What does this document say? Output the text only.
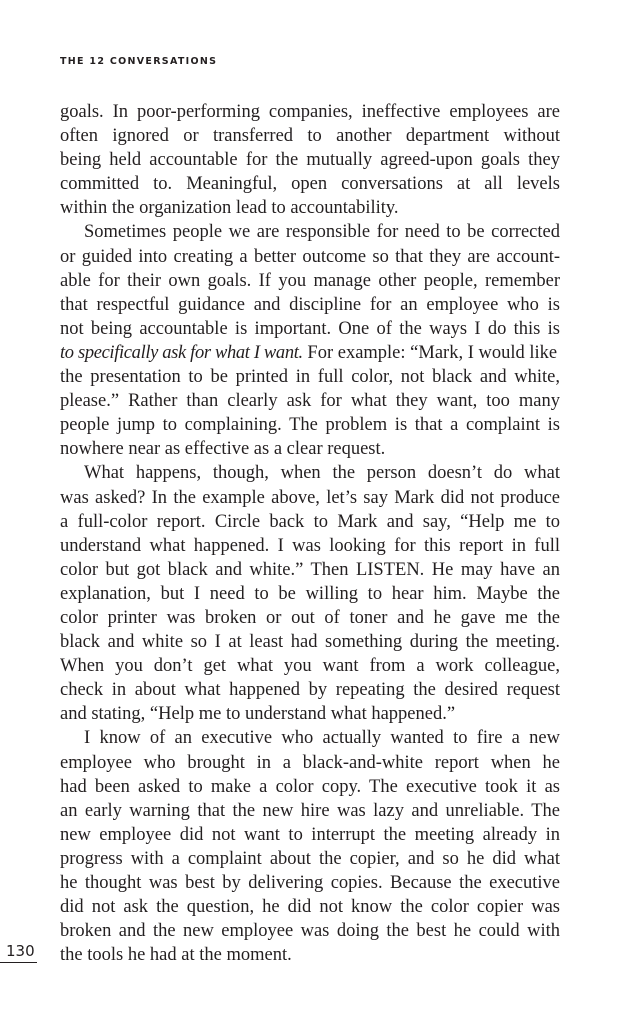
THE 12 CONVERSATIONS
goals. In poor-performing companies, ineffective employees are
often ignored or transferred to another department without
being held accountable for the mutually agreed-upon goals they
committed to. Meaningful, open conversations at all levels
within the organization lead to accountability.
Sometimes people we are responsible for need to be corrected
or guided into creating a better outcome so that they are account-
able for their own goals. If you manage other people, remember
that respectful guidance and discipline for an employee who is
not being accountable is important. One of the ways I do this is
to specifically ask for what I want. For example: “Mark, I would like
the presentation to be printed in full color, not black and white,
please.” Rather than clearly ask for what they want, too many
people jump to complaining. The problem is that a complaint is
nowhere near as effective as a clear request.
What happens, though, when the person doesn’t do what
was asked? In the example above, let’s say Mark did not produce
a full-color report. Circle back to Mark and say, “Help me to
understand what happened. I was looking for this report in full
color but got black and white.” Then LISTEN. He may have an
explanation, but I need to be willing to hear him. Maybe the
color printer was broken or out of toner and he gave me the
black and white so I at least had something during the meeting.
When you don’t get what you want from a work colleague,
check in about what happened by repeating the desired request
and stating, “Help me to understand what happened.”
I know of an executive who actually wanted to fire a new
employee who brought in a black-and-white report when he
had been asked to make a color copy. The executive took it as
an early warning that the new hire was lazy and unreliable. The
new employee did not want to interrupt the meeting already in
progress with a complaint about the copier, and so he did what
he thought was best by delivering copies. Because the executive
did not ask the question, he did not know the color copier was
broken and the new employee was doing the best he could with
the tools he had at the moment.
130
